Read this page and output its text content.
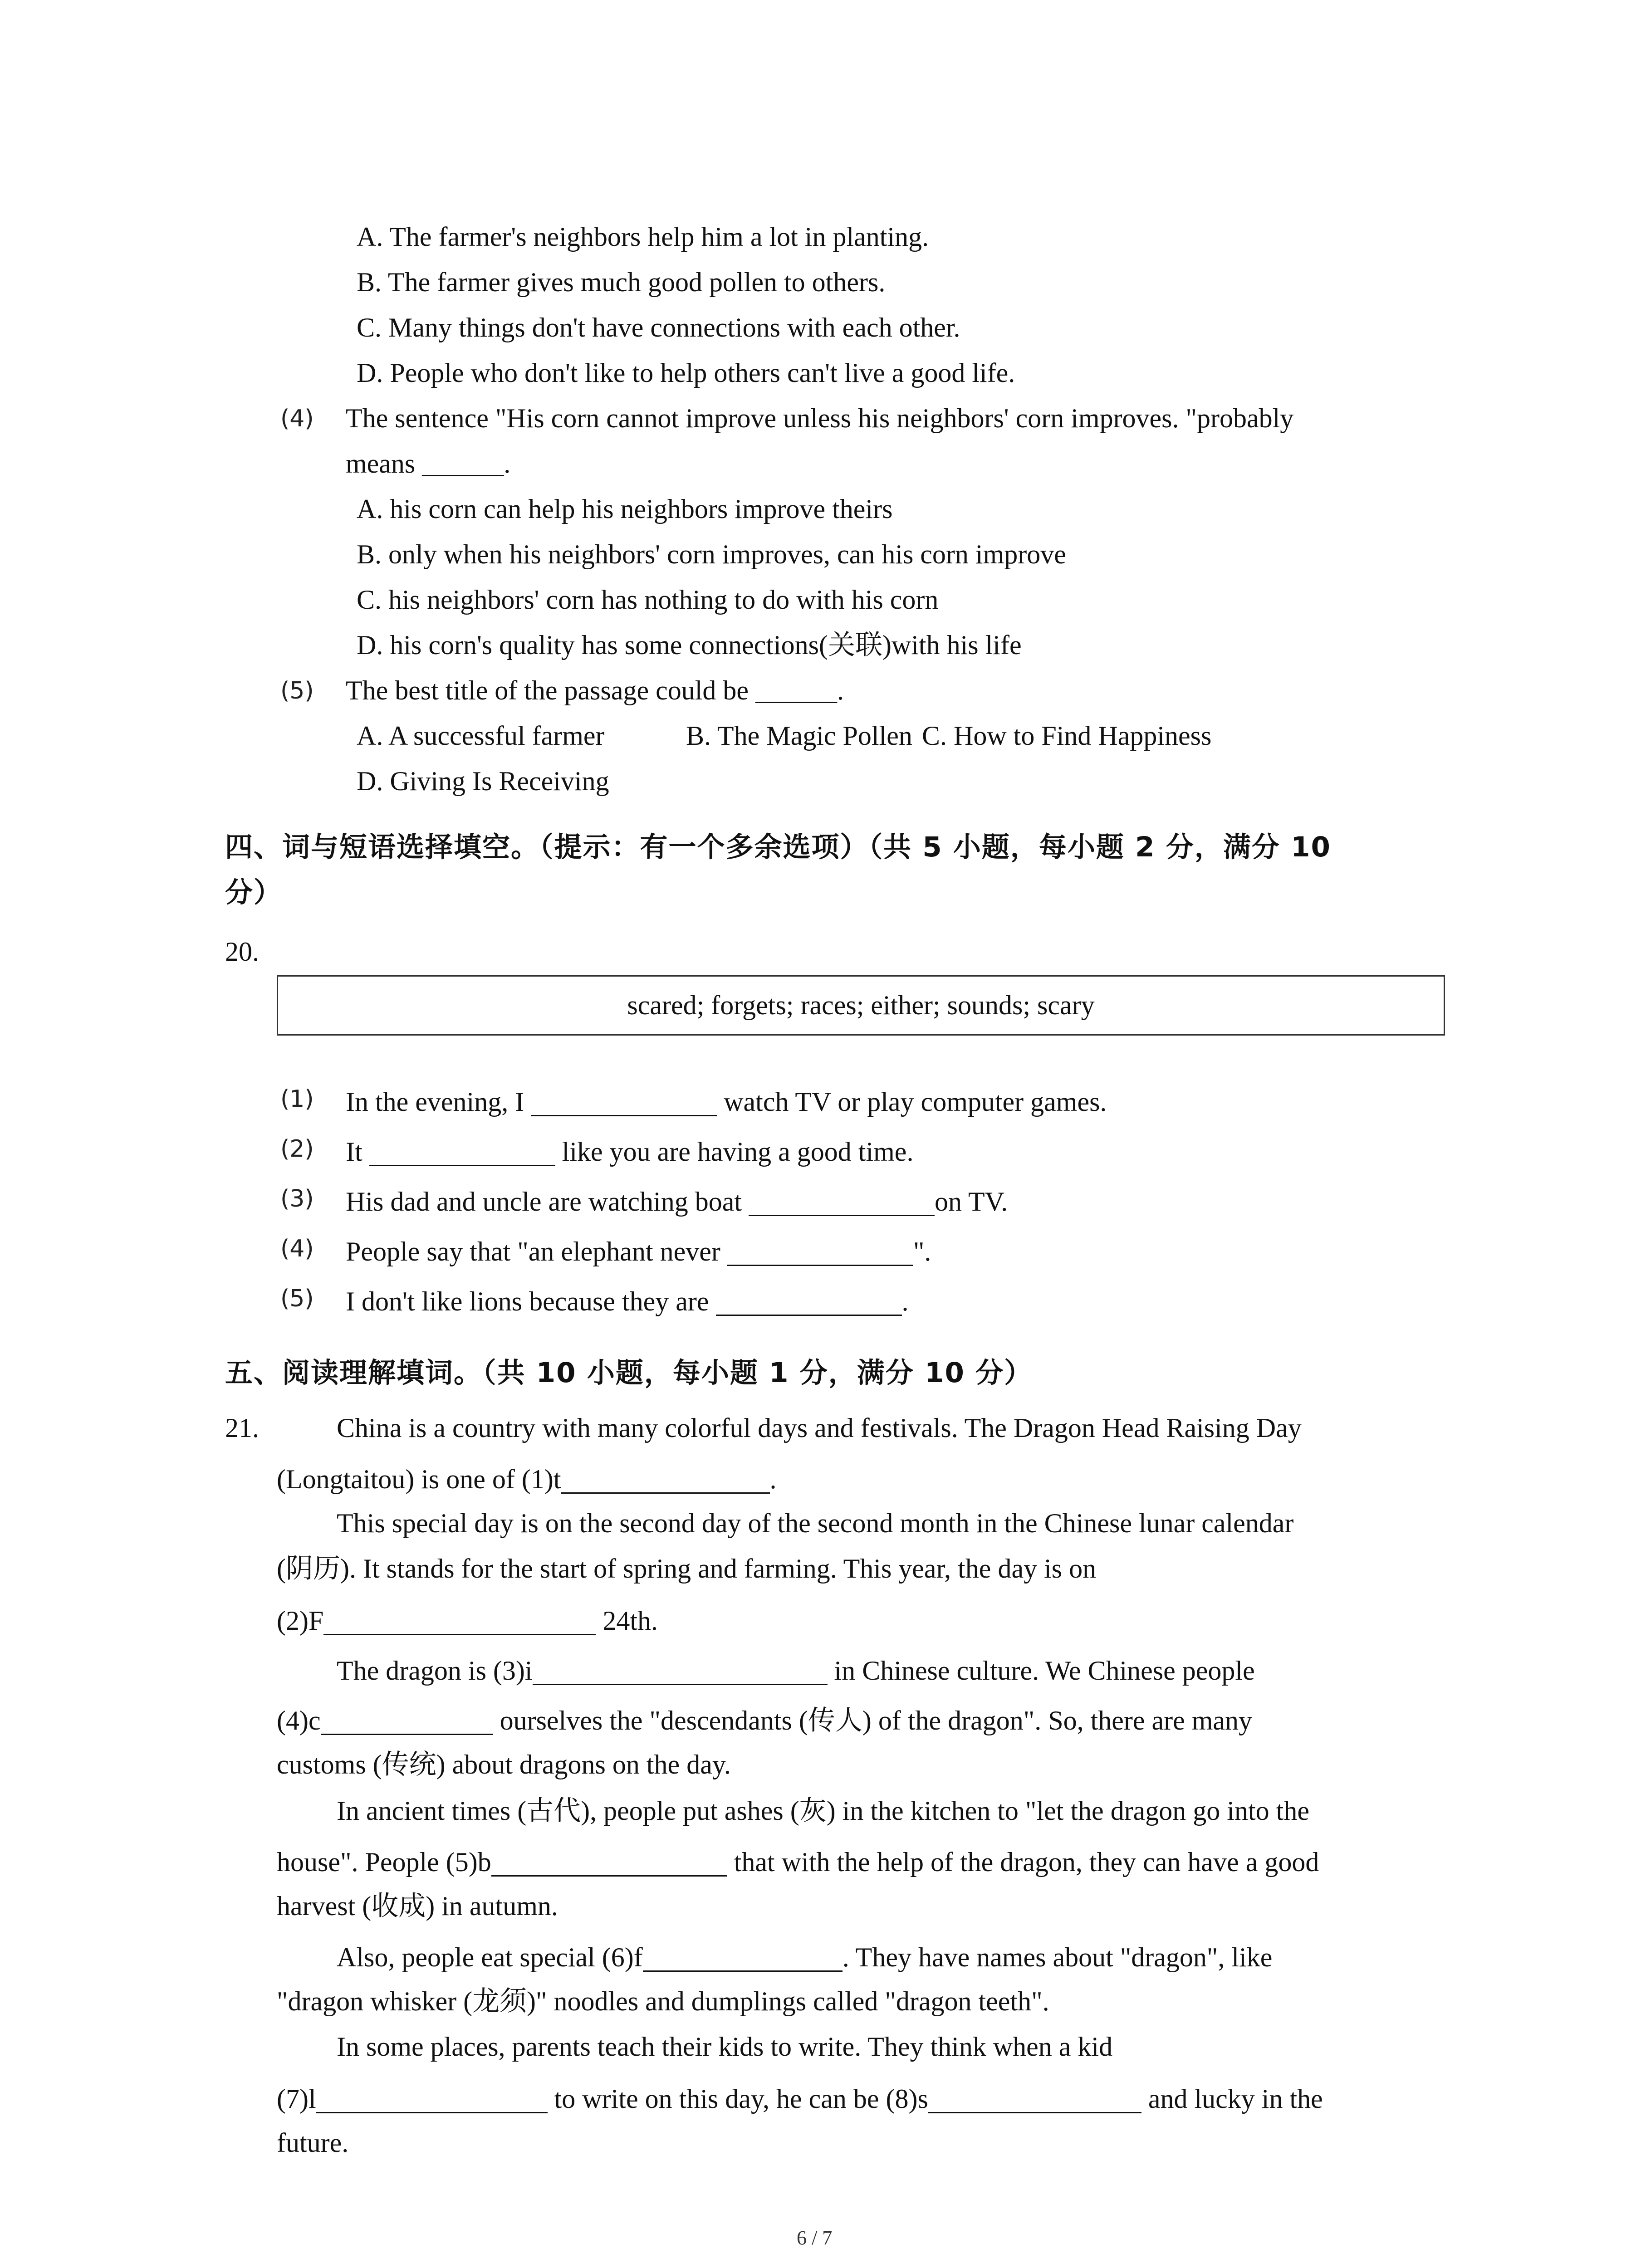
A. The farmer's neighbors help him a lot in planting.
B. The farmer gives much good pollen to others.
C. Many things don't have connections with each other.
D. People who don't like to help others can't live a good life.
(4) The sentence "His corn cannot improve unless his neighbors' corn improves. "probably
means ______.
A. his corn can help his neighbors improve theirs
B. only when his neighbors' corn improves, can his corn improve
C. his neighbors' corn has nothing to do with his corn
D. his corn's quality has some connections(关联)with his life
(5) The best title of the passage could be ______.
A. A successful farmer	B. The Magic Pollen C. How to Find Happiness
D. Giving Is Receiving
四、词与短语选择填空。（提示：有一个多余选项）（共 5 小题，每小题 2 分，满分 10
分）
20.
scared; forgets; races; either; sounds; scary
(1) In the evening, I	watch TV or play computer games.
(2) It	like you are having a good time.
(3) His dad and uncle are watching boat	on TV.
(4) People say that "an elephant never	".
(5) I don't like lions because they are	.
五、阅读理解填词。（共 10 小题，每小题 1 分，满分 10 分）
21.	China is a country with many colorful days and festivals. The Dragon Head Raising Day
(Longtaitou) is one of (1)t	.
This special day is on the second day of the second month in the Chinese lunar calendar
(阴历). It stands for the start of spring and farming. This year, the day is on
(2)F	24th.
The dragon is (3)i	in Chinese culture. We Chinese people
(4)c	ourselves the "descendants (传人) of the dragon". So, there are many
customs (传统) about dragons on the day.
In ancient times (古代), people put ashes (灰) in the kitchen to "let the dragon go into the
house". People (5)b	that with the help of the dragon, they can have a good
harvest (收成) in autumn.
Also, people eat special (6)f	. They have names about "dragon", like
"dragon whisker (龙须)" noodles and dumplings called "dragon teeth".
In some places, parents teach their kids to write. They think when a kid
(7)l	to write on this day, he can be (8)s	and lucky in the
future.
6 / 7
